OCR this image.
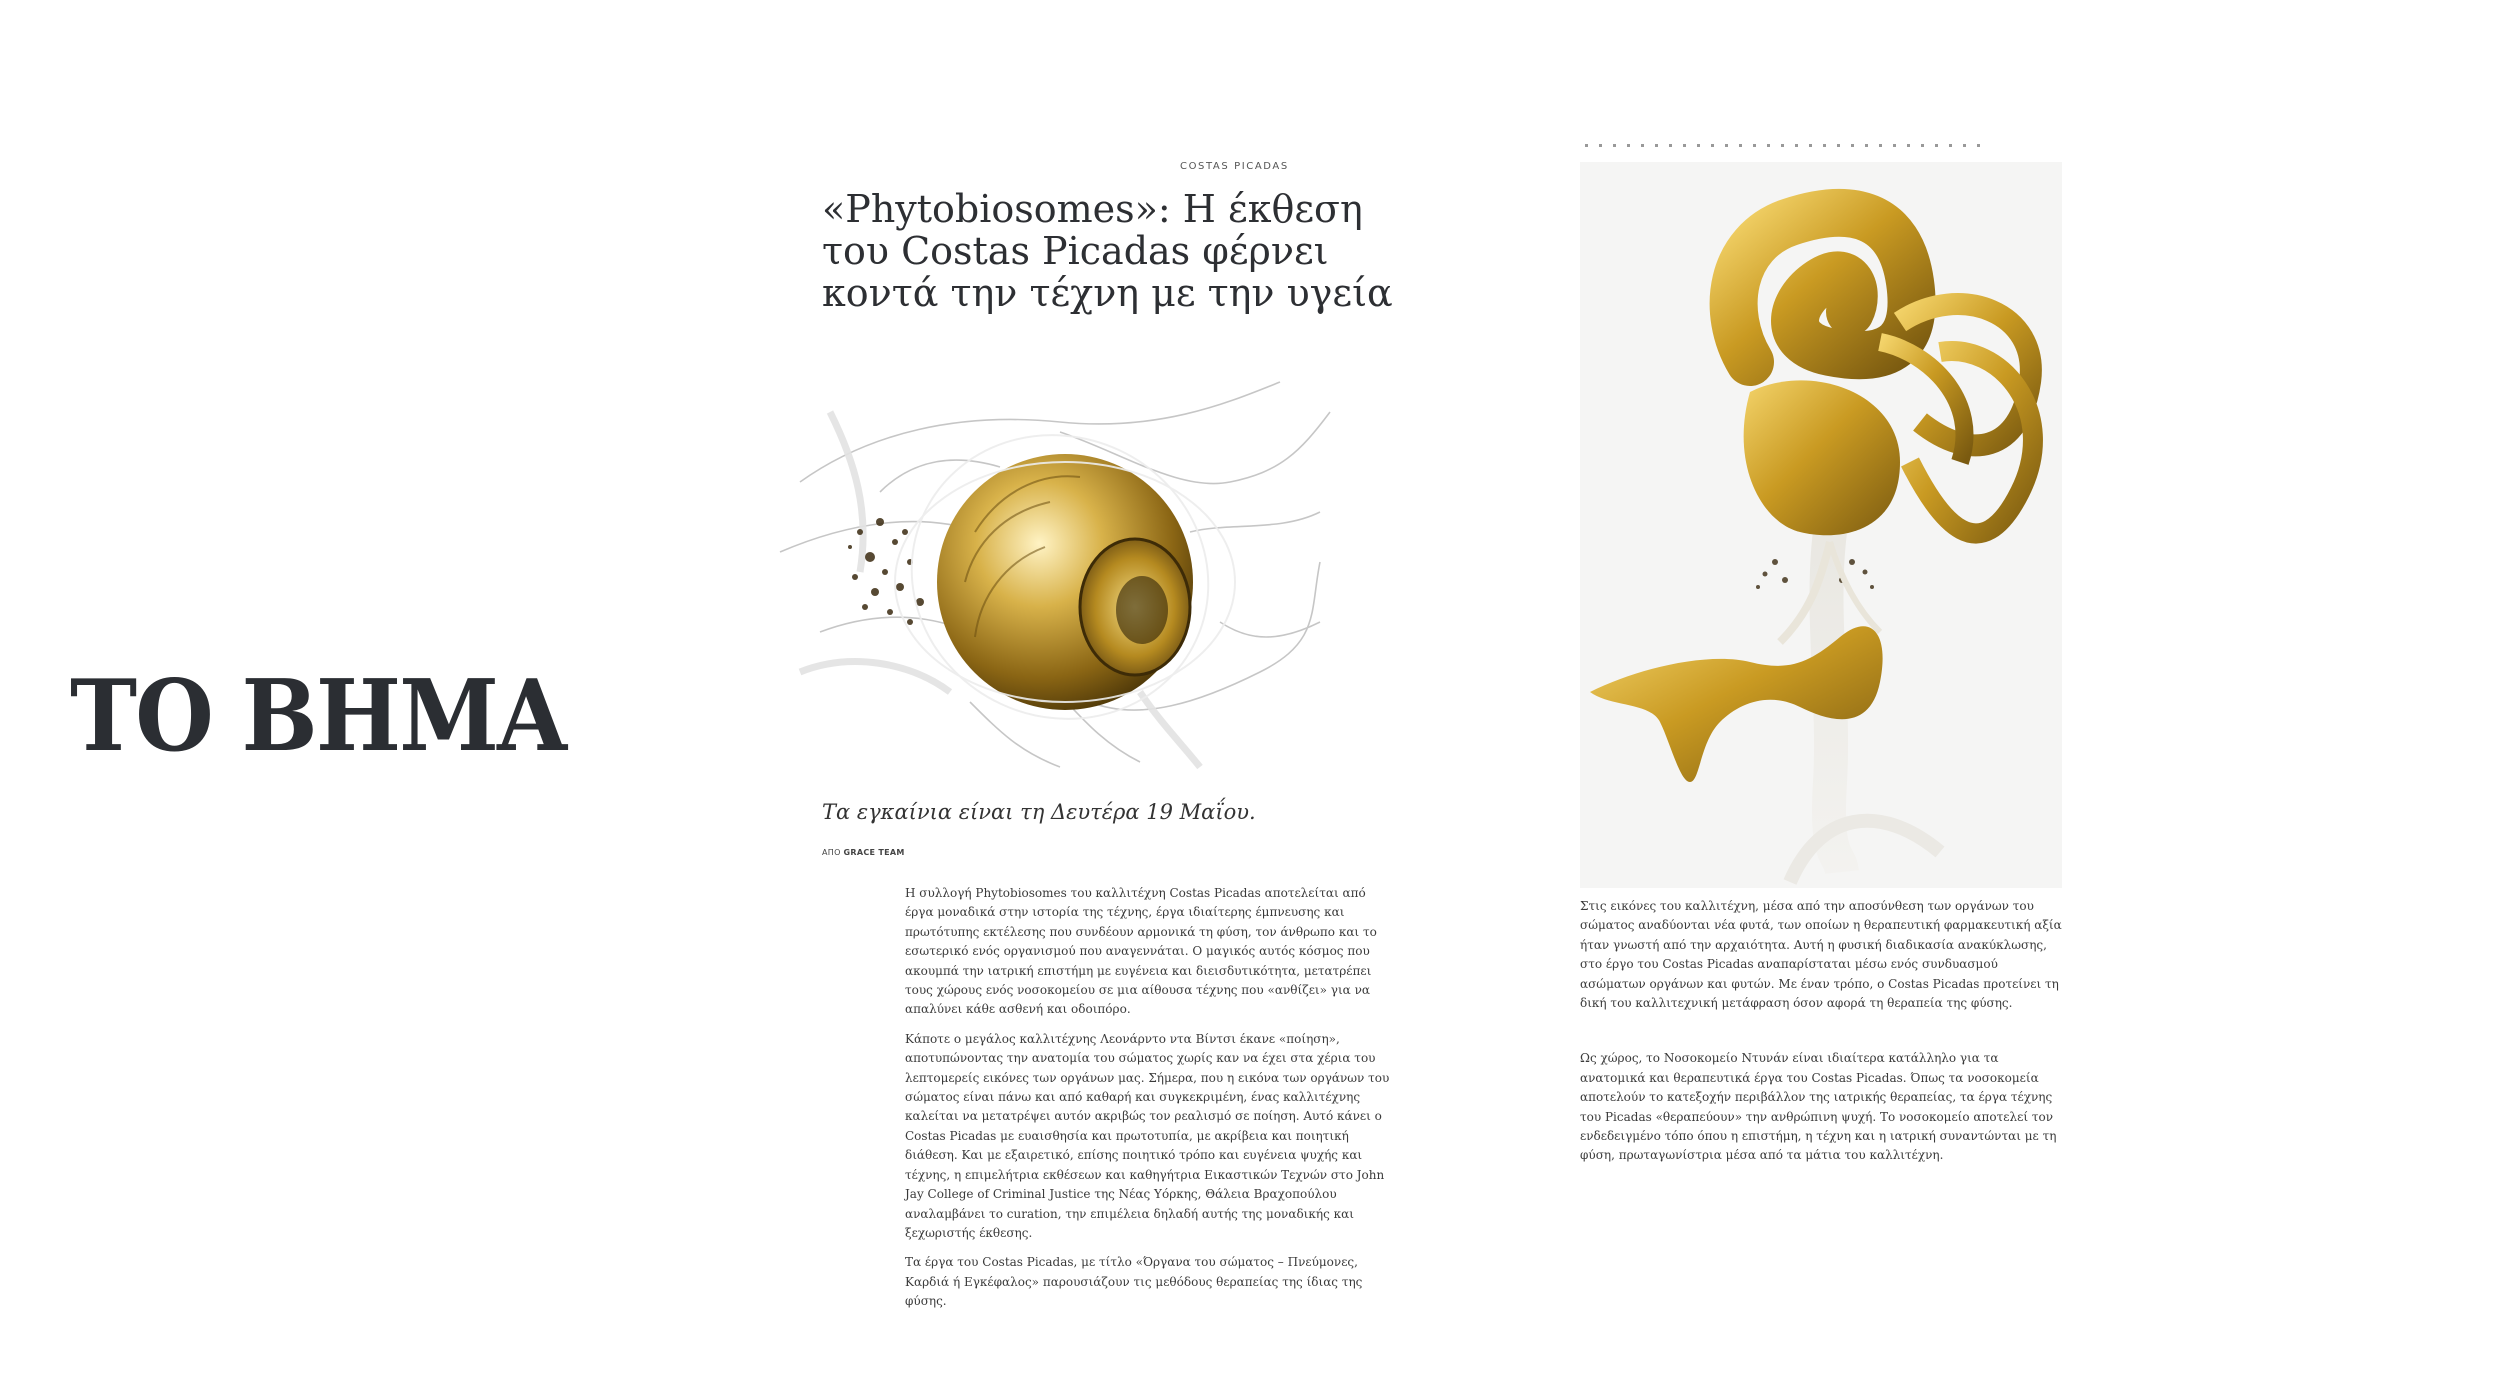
ΤΟ ΒΗΜΑ
COSTAS PICADAS
«Phytobiosomes»: Η έκθεση του Costas Picadas φέρνει κοντά την τέχνη με την υγεία
Τα εγκαίνια είναι τη Δευτέρα 19 Μαΐου.
ΑΠΟ GRACE TEAM

Η συλλογή Phytobiosomes του καλλιτέχνη Costas Picadas αποτελείται από έργα μοναδικά στην ιστορία της τέχνης, έργα ιδιαίτερης έμπνευσης και πρωτότυπης εκτέλεσης που συνδέουν αρμονικά τη φύση, τον άνθρωπο και το εσωτερικό ενός οργανισμού που αναγεννάται. Ο μαγικός αυτός κόσμος που ακουμπά την ιατρική επιστήμη με ευγένεια και διεισδυτικότητα, μετατρέπει τους χώρους ενός νοσοκομείου σε μια αίθουσα τέχνης που «ανθίζει» για να απαλύνει κάθε ασθενή και οδοιπόρο.

Κάποτε ο μεγάλος καλλιτέχνης Λεονάρντο ντα Βίντσι έκανε «ποίηση», αποτυπώνοντας την ανατομία του σώματος χωρίς καν να έχει στα χέρια του λεπτομερείς εικόνες των οργάνων μας. Σήμερα, που η εικόνα των οργάνων του σώματος είναι πάνω και από καθαρή και συγκεκριμένη, ένας καλλιτέχνης καλείται να μετατρέψει αυτόν ακριβώς τον ρεαλισμό σε ποίηση. Αυτό κάνει ο Costas Picadas με ευαισθησία και πρωτοτυπία, με ακρίβεια και ποιητική διάθεση. Και με εξαιρετικό, επίσης ποιητικό τρόπο και ευγένεια ψυχής και τέχνης, η επιμελήτρια εκθέσεων και καθηγήτρια Εικαστικών Τεχνών στο John Jay College of Criminal Justice της Νέας Υόρκης, Θάλεια Βραχοπούλου αναλαμβάνει το curation, την επιμέλεια δηλαδή αυτής της μοναδικής και ξεχωριστής έκθεσης.

Τα έργα του Costas Picadas, με τίτλο «Όργανα του σώματος – Πνεύμονες, Καρδιά ή Εγκέφαλος» παρουσιάζουν τις μεθόδους θεραπείας της ίδιας της φύσης.

Στις εικόνες του καλλιτέχνη, μέσα από την αποσύνθεση των οργάνων του σώματος αναδύονται νέα φυτά, των οποίων η θεραπευτική φαρμακευτική αξία ήταν γνωστή από την αρχαιότητα. Αυτή η φυσική διαδικασία ανακύκλωσης, στο έργο του Costas Picadas αναπαρίσταται μέσω ενός συνδυασμού ασώματων οργάνων και φυτών. Με έναν τρόπο, ο Costas Picadas προτείνει τη δική του καλλιτεχνική μετάφραση όσον αφορά τη θεραπεία της φύσης.

Ως χώρος, το Νοσοκομείο Ντυνάν είναι ιδιαίτερα κατάλληλο για τα ανατομικά και θεραπευτικά έργα του Costas Picadas. Όπως τα νοσοκομεία αποτελούν το κατεξοχήν περιβάλλον της ιατρικής θεραπείας, τα έργα τέχνης του Picadas «θεραπεύουν» την ανθρώπινη ψυχή. Το νοσοκομείο αποτελεί τον ενδεδειγμένο τόπο όπου η επιστήμη, η τέχνη και η ιατρική συναντώνται με τη φύση, πρωταγωνίστρια μέσα από τα μάτια του καλλιτέχνη.
